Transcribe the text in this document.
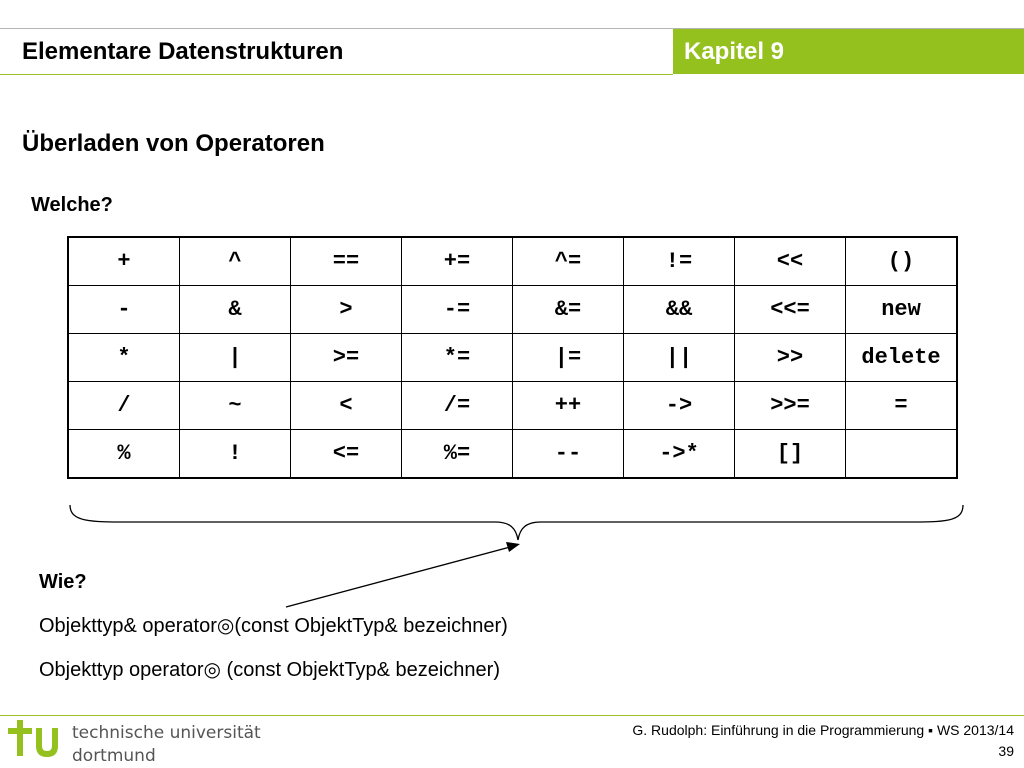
Elementare Datenstrukturen	Kapitel 9
Überladen von Operatoren
Welche?
+	^	==	+=	^=	!=	<<	()
-	&	>	-=	&=	&&	<<=	new
*	|	>=	*=	|=	||	>>	delete
/	~	<	/=	++	->	>>=	=
%	!	<=	%=	--	->*	[]	
Wie?
Objekttyp& operator◎(const ObjektTyp& bezeichner)
Objekttyp operator◎ (const ObjektTyp& bezeichner)
technische universität
dortmund
G. Rudolph: Einführung in die Programmierung ▪ WS 2013/14
39
